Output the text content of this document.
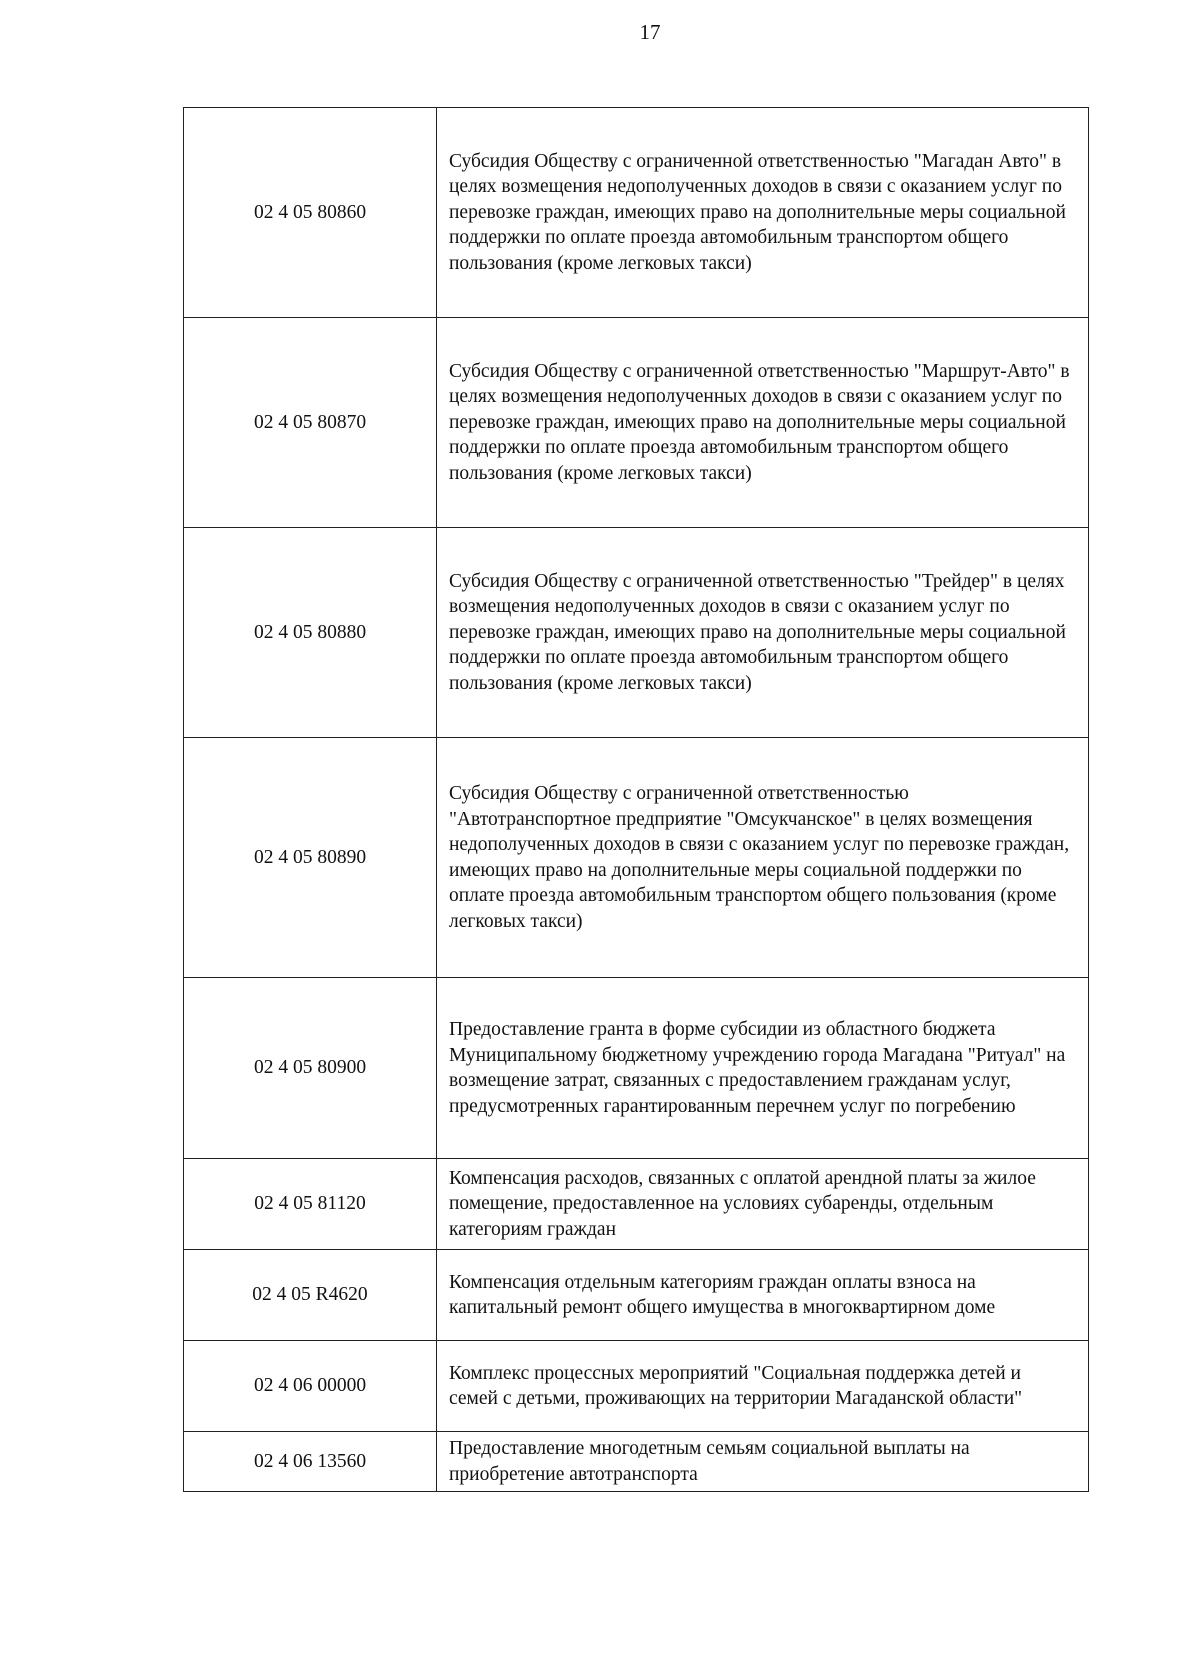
17
02 4 05 80860	Субсидия Обществу с ограниченной ответственностью "Магадан Авто" в целях возмещения недополученных доходов в связи с оказанием услуг по перевозке граждан, имеющих право на дополнительные меры социальной поддержки по оплате проезда автомобильным транспортом общего пользования (кроме легковых такси)
02 4 05 80870	Субсидия Обществу с ограниченной ответственностью "Маршрут-Авто" в целях возмещения недополученных доходов в связи с оказанием услуг по перевозке граждан, имеющих право на дополнительные меры социальной поддержки по оплате проезда автомобильным транспортом общего пользования (кроме легковых такси)
02 4 05 80880	Субсидия Обществу с ограниченной ответственностью "Трейдер" в целях возмещения недополученных доходов в связи с оказанием услуг по перевозке граждан, имеющих право на дополнительные меры социальной поддержки по оплате проезда автомобильным транспортом общего пользования (кроме легковых такси)
02 4 05 80890	Субсидия Обществу с ограниченной ответственностью "Автотранспортное предприятие "Омсукчанское" в целях возмещения недополученных доходов в связи с оказанием услуг по перевозке граждан, имеющих право на дополнительные меры социальной поддержки по оплате проезда автомобильным транспортом общего пользования (кроме легковых такси)
02 4 05 80900	Предоставление гранта в форме субсидии из областного бюджета Муниципальному бюджетному учреждению города Магадана "Ритуал" на возмещение затрат, связанных с предоставлением гражданам услуг, предусмотренных гарантированным перечнем услуг по погребению
02 4 05 81120	Компенсация расходов, связанных с оплатой арендной платы за жилое помещение, предоставленное на условиях субаренды, отдельным категориям граждан
02 4 05 R4620	Компенсация отдельным категориям граждан оплаты взноса на капитальный ремонт общего имущества в многоквартирном доме
02 4 06 00000	Комплекс процессных мероприятий "Социальная поддержка детей и семей с детьми, проживающих на территории Магаданской области"
02 4 06 13560	Предоставление многодетным семьям социальной выплаты на приобретение автотранспорта
